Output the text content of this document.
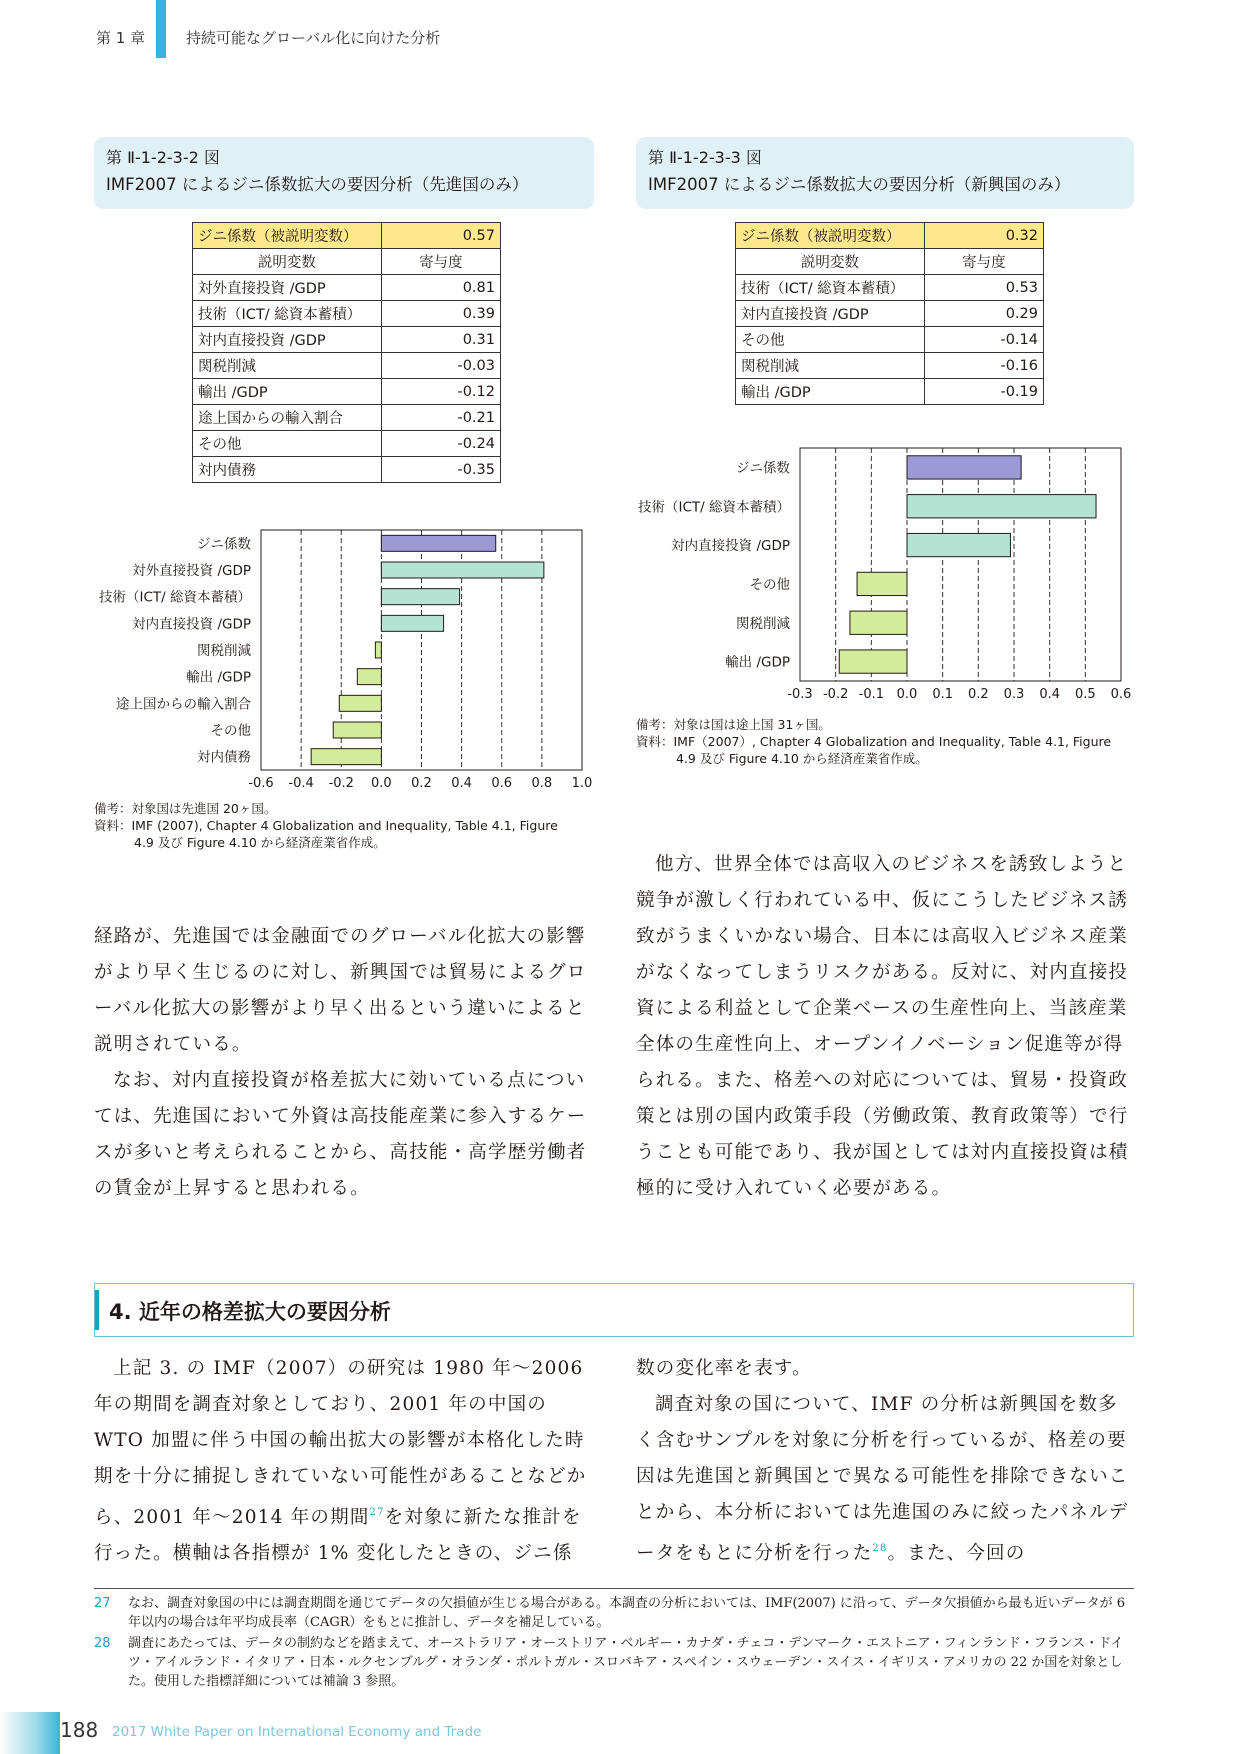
第 1 章	持続可能なグローバル化に向けた分析
第 Ⅱ-1-2-3-2 図
IMF2007 によるジニ係数拡大の要因分析（先進国のみ）
第 Ⅱ-1-2-3-3 図
IMF2007 によるジニ係数拡大の要因分析（新興国のみ）
ジニ係数（被説明変数）	0.57
説明変数	寄与度
対外直接投資 /GDP	0.81
技術（ICT/ 総資本蓄積）	0.39
対内直接投資 /GDP	0.31
関税削減	-0.03
輸出 /GDP	-0.12
途上国からの輸入割合	-0.21
その他	-0.24
対内債務	-0.35
ジニ係数（被説明変数）	0.32
説明変数	寄与度
技術（ICT/ 総資本蓄積）	0.53
対内直接投資 /GDP	0.29
その他	-0.14
関税削減	-0.16
輸出 /GDP	-0.19
-0.6 -0.4 -0.2 0.0 0.2 0.4 0.6 0.8 1.0
ジニ係数
対外直接投資 /GDP
技術（ICT/ 総資本蓄積）
対内直接投資 /GDP
関税削減
輸出 /GDP
途上国からの輸入割合
その他
対内債務
-0.3 -0.2 -0.1 0.0 0.1 0.2 0.3 0.4 0.5 0.6
ジニ係数
技術（ICT/ 総資本蓄積）
対内直接投資 /GDP
その他
関税削減
輸出 /GDP
備考：対象国は先進国 20ヶ国。
資料：IMF (2007), Chapter 4 Globalization and Inequality, Table 4.1, Figure
4.9 及び Figure 4.10 から経済産業省作成。
備考：対象は国は途上国 31ヶ国。
資料：IMF（2007）, Chapter 4 Globalization and Inequality, Table 4.1, Figure
4.9 及び Figure 4.10 から経済産業省作成。

経路が、先進国では金融面でのグローバル化拡大の影響がより早く生じるのに対し、新興国では貿易によるグローバル化拡大の影響がより早く出るという違いによると説明されている。

なお、対内直接投資が格差拡大に効いている点については、先進国において外資は高技能産業に参入するケースが多いと考えられることから、高技能・高学歴労働者の賃金が上昇すると思われる。

他方、世界全体では高収入のビジネスを誘致しようと競争が激しく行われている中、仮にこうしたビジネス誘致がうまくいかない場合、日本には高収入ビジネス産業がなくなってしまうリスクがある。反対に、対内直接投資による利益として企業ベースの生産性向上、当該産業全体の生産性向上、オープンイノベーション促進等が得られる。また、格差への対応については、貿易・投資政策とは別の国内政策手段（労働政策、教育政策等）で行うことも可能であり、我が国としては対内直接投資は積極的に受け入れていく必要がある。

4. 近年の格差拡大の要因分析

上記 3. の IMF（2007）の研究は 1980 年〜2006 年の期間を調査対象としており、2001 年の中国の WTO 加盟に伴う中国の輸出拡大の影響が本格化した時期を十分に捕捉しきれていない可能性があることなどから、2001 年〜2014 年の期間$^{27}$を対象に新たな推計を行った。横軸は各指標が 1% 変化したときの、ジニ係

数の変化率を表す。

調査対象の国について、IMF の分析は新興国を数多く含むサンプルを対象に分析を行っているが、格差の要因は先進国と新興国とで異なる可能性を排除できないことから、本分析においては先進国のみに絞ったパネルデータをもとに分析を行った$^{28}$。また、今回の

27	なお、調査対象国の中には調査期間を通じてデータの欠損値が生じる場合がある。本調査の分析においては、IMF(2007) に沿って、データ欠損値から最も近いデータが 6 年以内の場合は年平均成長率（CAGR）をもとに推計し、データを補足している。
28	調査にあたっては、データの制約などを踏まえて、オーストラリア・オーストリア・ベルギー・カナダ・チェコ・デンマーク・エストニア・フィンランド・フランス・ドイツ・アイルランド・イタリア・日本・ルクセンブルグ・オランダ・ポルトガル・スロバキア・スペイン・スウェーデン・スイス・イギリス・アメリカの 22 か国を対象とした。使用した指標詳細については補論 3 参照。
188 2017 White Paper on International Economy and Trade
